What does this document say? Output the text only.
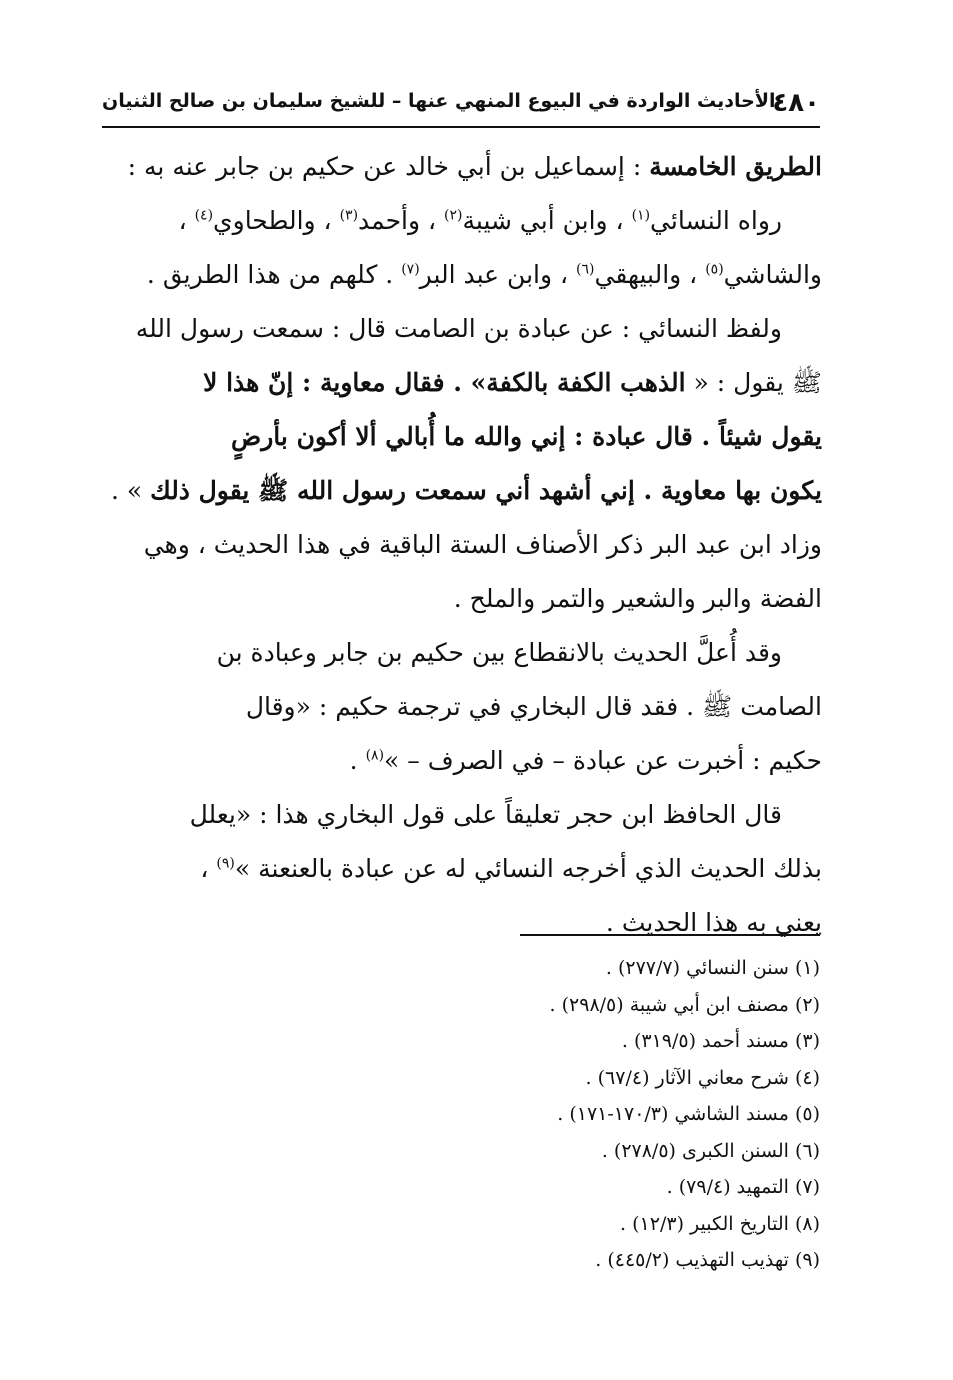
٤٨٠
الأحاديث الواردة في البيوع المنهي عنها – للشيخ سليمان بن صالح الثنيان
الطريق الخامسة : إسماعيل بن أبي خالد عن حكيم بن جابر عنه به :
رواه النسائي$^{(١)}$ ، وابن أبي شيبة$^{(٢)}$ ، وأحمد$^{(٣)}$ ، والطحاوي$^{(٤)}$ ،
والشاشي$^{(٥)}$ ، والبيهقي$^{(٦)}$ ، وابن عبد البر$^{(٧)}$ . كلهم من هذا الطريق .
ولفظ النسائي : عن عبادة بن الصامت قال : سمعت رسول الله
ﷺ يقول : « الذهب الكفة بالكفة» . فقال معاوية : إنّ هذا لا
يقول شيئاً . قال عبادة : إني والله ما أُبالي ألا أكون بأرضٍ
يكون بها معاوية . إني أشهد أني سمعت رسول الله ﷺ يقول ذلك » .
وزاد ابن عبد البر ذكر الأصناف الستة الباقية في هذا الحديث ، وهي
الفضة والبر والشعير والتمر والملح .
وقد أُعلَّ الحديث بالانقطاع بين حكيم بن جابر وعبادة بن
الصامت ﷺ . فقد قال البخاري في ترجمة حكيم : «وقال
حكيم : أخبرت عن عبادة – في الصرف – »$^{(٨)}$ .
قال الحافظ ابن حجر تعليقاً على قول البخاري هذا : «يعلل
بذلك الحديث الذي أخرجه النسائي له عن عبادة بالعنعنة »$^{(٩)}$ ،
يعني به هذا الحديث .
(١) سنن النسائي (٢٧٧/٧) .
(٢) مصنف ابن أبي شيبة (٢٩٨/٥) .
(٣) مسند أحمد (٣١٩/٥) .
(٤) شرح معاني الآثار (٦٧/٤) .
(٥) مسند الشاشي (١٧٠/٣-١٧١) .
(٦) السنن الكبرى (٢٧٨/٥) .
(٧) التمهيد (٧٩/٤) .
(٨) التاريخ الكبير (١٢/٣) .
(٩) تهذيب التهذيب (٤٤٥/٢) .
